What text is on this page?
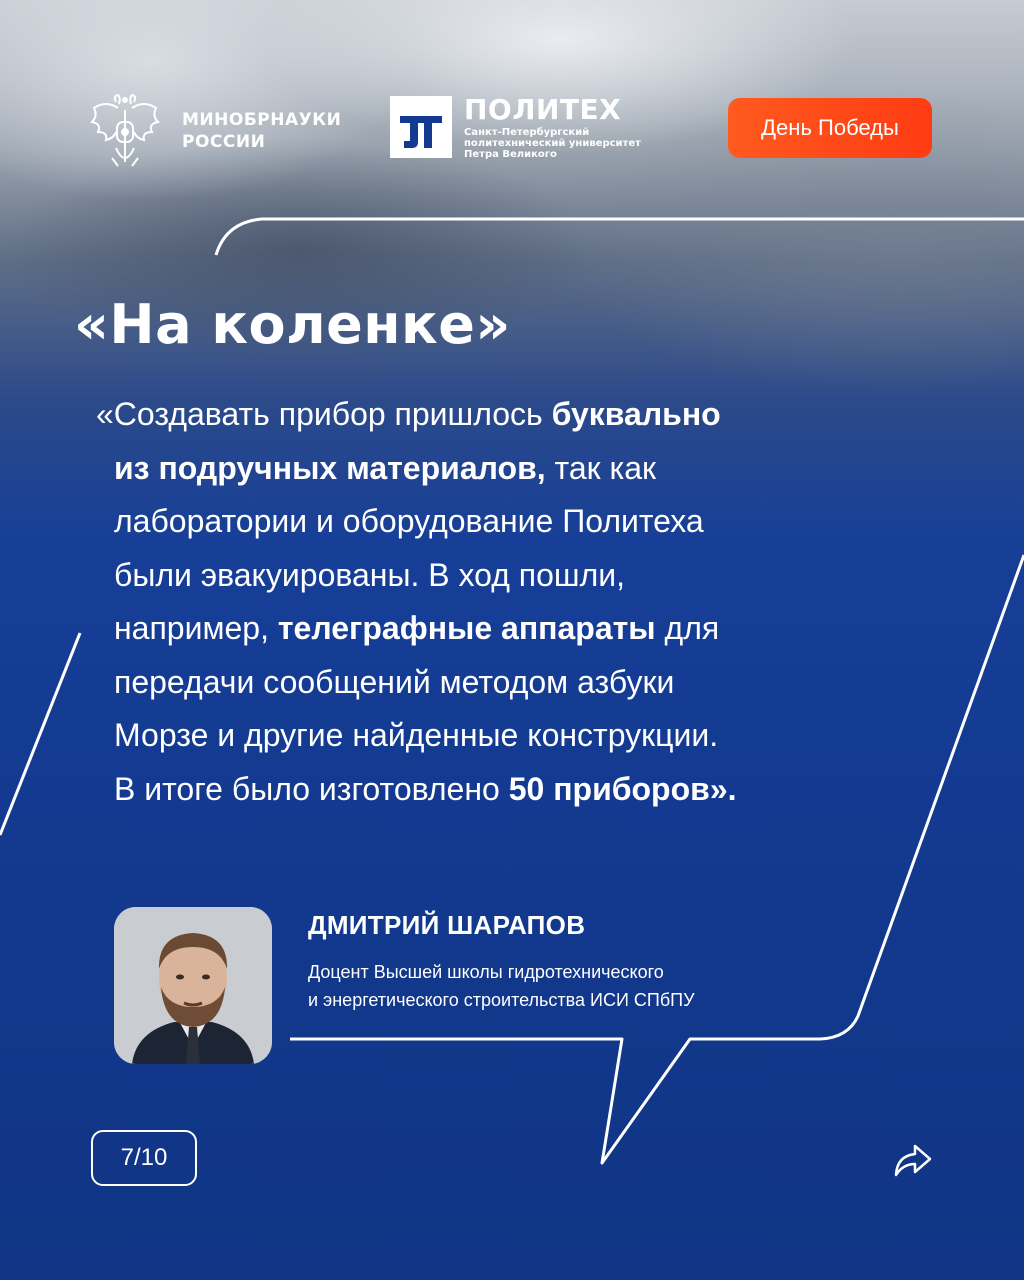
МИНОБРНАУКИ
РОССИИ
ПОЛИТЕХ
Санкт-Петербургский
политехнический университет
Петра Великого
День Победы
«На коленке»
«Создавать прибор пришлось буквально
из подручных материалов, так как
лаборатории и оборудование Политеха
были эвакуированы. В ход пошли,
например, телеграфные аппараты для
передачи сообщений методом азбуки
Морзе и другие найденные конструкции.
В итоге было изготовлено 50 приборов».
ДМИТРИЙ ШАРАПОВ
Доцент Высшей школы гидротехнического
и энергетического строительства ИСИ СПбПУ
7/10
